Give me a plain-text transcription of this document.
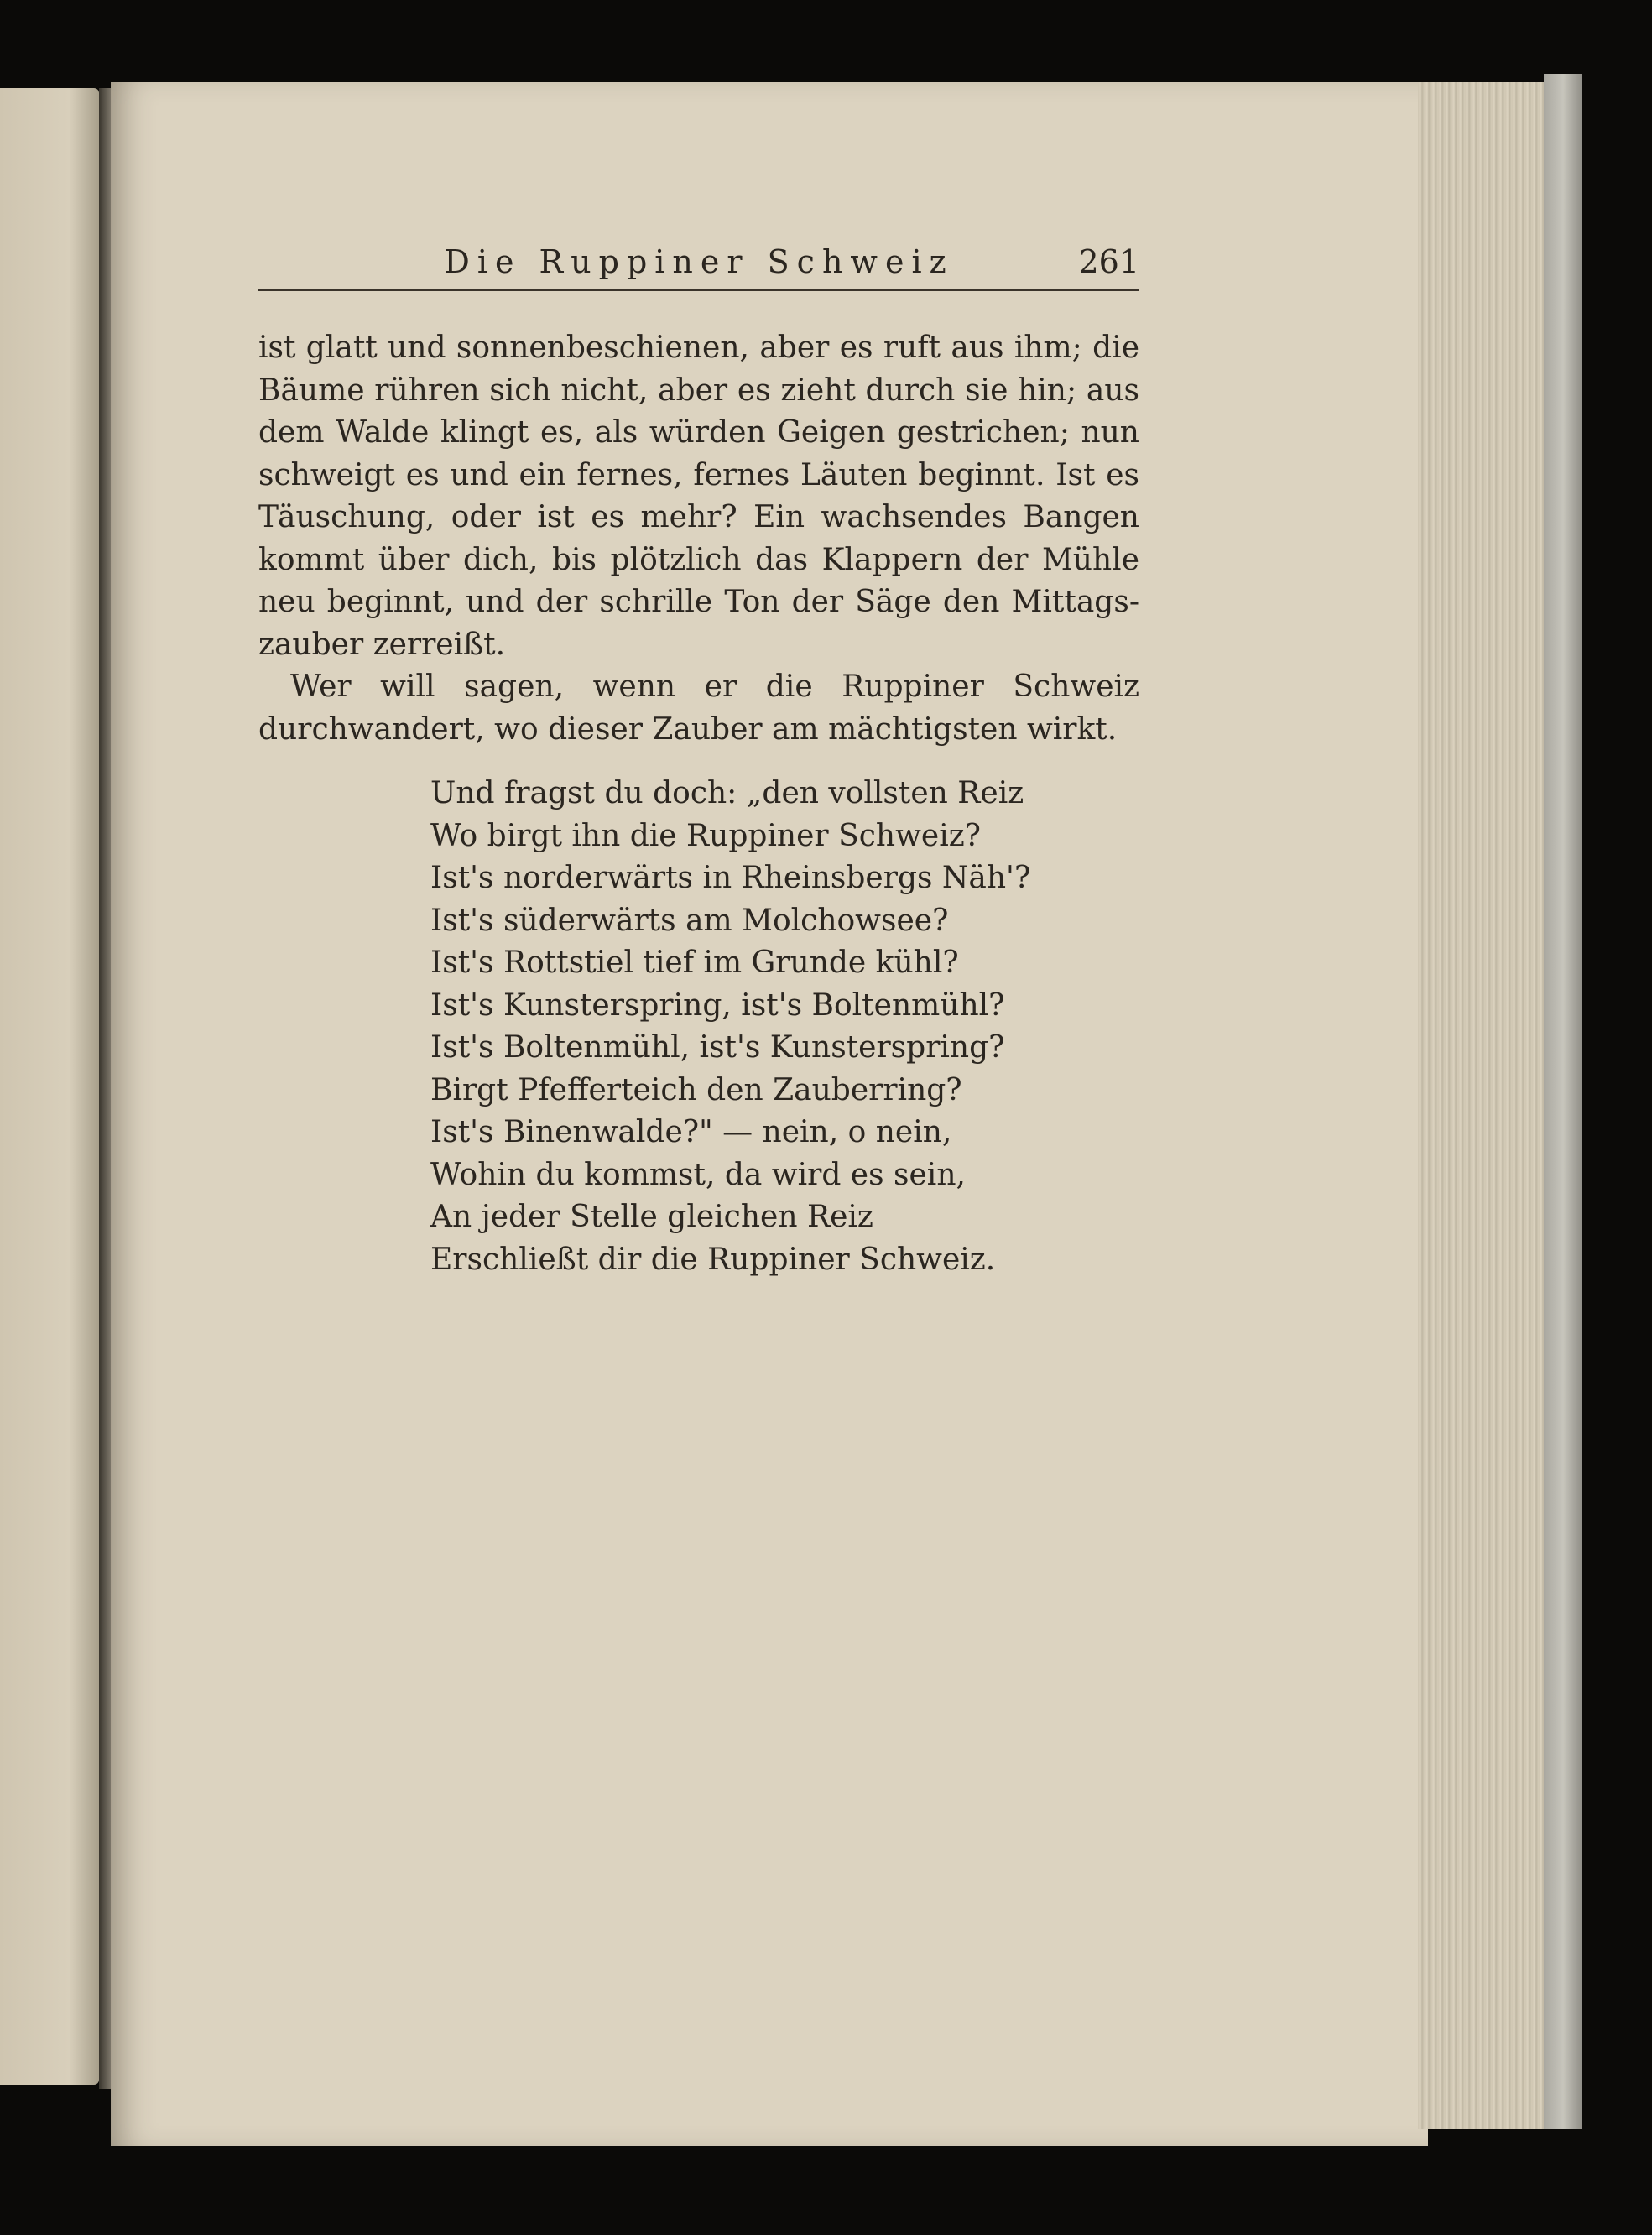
Die Ruppiner Schweiz	261

ist glatt und sonnenbeschienen, aber es ruft aus ihm; die Bäume rühren sich nicht, aber es zieht durch sie hin; aus dem Walde klingt es, als würden Geigen gestrichen; nun schweigt es und ein fernes, fernes Läuten beginnt. Ist es Täuschung, oder ist es mehr? Ein wachsendes Bangen kommt über dich, bis plötzlich das Klappern der Mühle neu beginnt, und der schrille Ton der Säge den Mittags-zauber zerreißt.

Wer will sagen, wenn er die Ruppiner Schweiz durchwandert, wo dieser Zauber am mächtigsten wirkt.

Und fragst du doch: „den vollsten Reiz
Wo birgt ihn die Ruppiner Schweiz?
Ist's norderwärts in Rheinsbergs Näh'?
Ist's süderwärts am Molchowsee?
Ist's Rottstiel tief im Grunde kühl?
Ist's Kunsterspring, ist's Boltenmühl?
Ist's Boltenmühl, ist's Kunsterspring?
Birgt Pfefferteich den Zauberring?
Ist's Binenwalde?" — nein, o nein,
Wohin du kommst, da wird es sein,
An jeder Stelle gleichen Reiz
Erschließt dir die Ruppiner Schweiz.
